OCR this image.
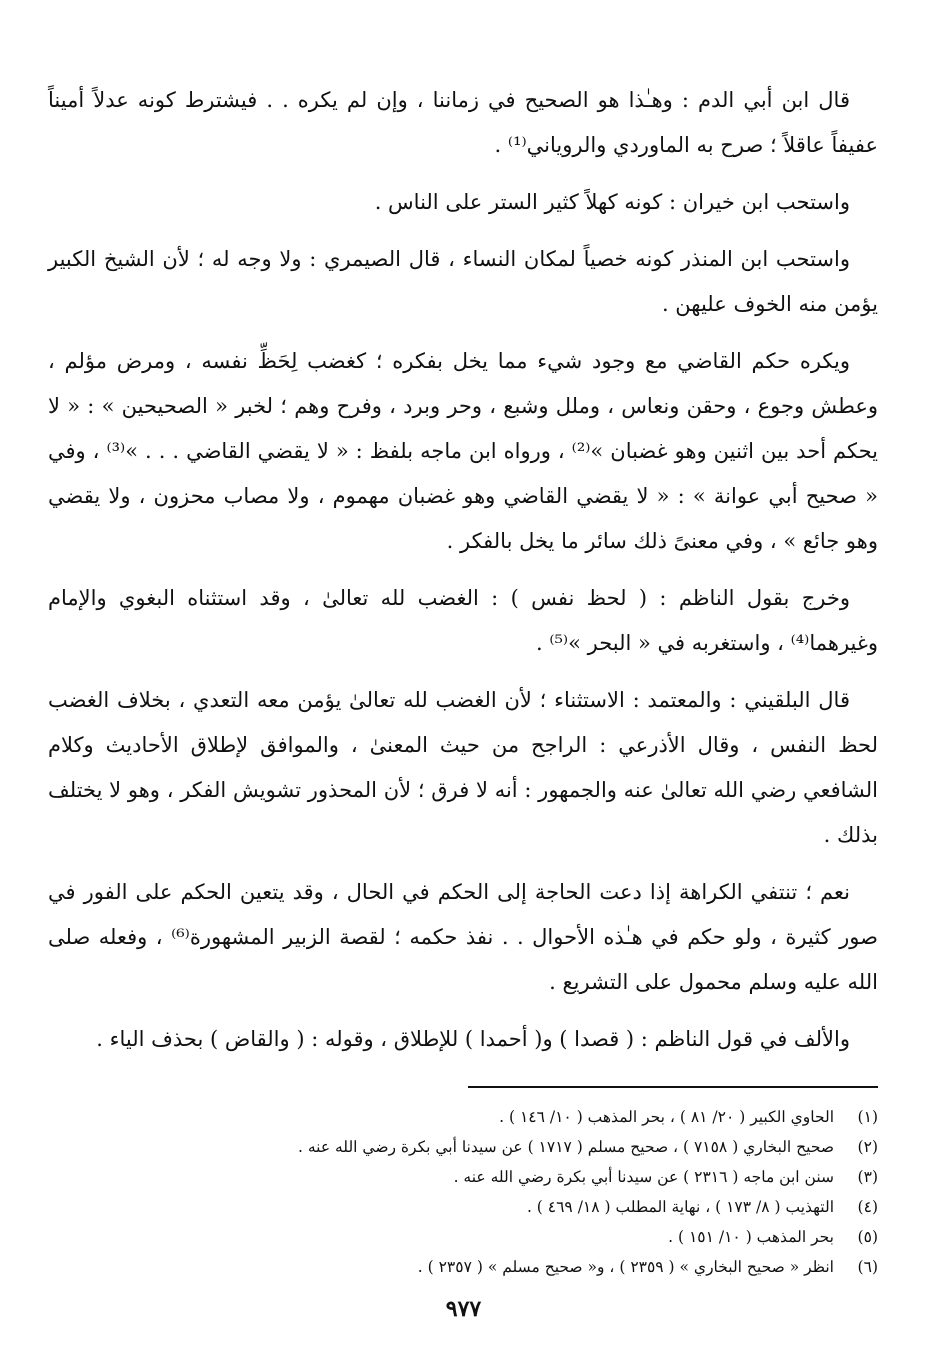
قال ابن أبي الدم : وهـٰذا هو الصحيح في زماننا ، وإن لم يكره . . فيشترط كونه عدلاً أميناً عفيفاً عاقلاً ؛ صرح به الماوردي والروياني⁽¹⁾ .

واستحب ابن خيران : كونه كهلاً كثير الستر على الناس .

واستحب ابن المنذر كونه خصياً لمكان النساء ، قال الصيمري : ولا وجه له ؛ لأن الشيخ الكبير يؤمن منه الخوف عليهن .

ويكره حكم القاضي مع وجود شيء مما يخل بفكره ؛ كغضب لِحَظِّ نفسه ، ومرض مؤلم ، وعطش وجوع ، وحقن ونعاس ، وملل وشبع ، وحر وبرد ، وفرح وهم ؛ لخبر « الصحيحين » : « لا يحكم أحد بين اثنين وهو غضبان »⁽²⁾ ، ورواه ابن ماجه بلفظ : « لا يقضي القاضي . . . »⁽³⁾ ، وفي « صحيح أبي عوانة » : « لا يقضي القاضي وهو غضبان مهموم ، ولا مصاب محزون ، ولا يقضي وهو جائع » ، وفي معنىً ذلك سائر ما يخل بالفكر .

وخرج بقول الناظم : ( لحظ نفس ) : الغضب لله تعالىٰ ، وقد استثناه البغوي والإمام وغيرهما⁽⁴⁾ ، واستغربه في « البحر »⁽⁵⁾ .

قال البلقيني : والمعتمد : الاستثناء ؛ لأن الغضب لله تعالىٰ يؤمن معه التعدي ، بخلاف الغضب لحظ النفس ، وقال الأذرعي : الراجح من حيث المعنىٰ ، والموافق لإطلاق الأحاديث وكلام الشافعي رضي الله تعالىٰ عنه والجمهور : أنه لا فرق ؛ لأن المحذور تشويش الفكر ، وهو لا يختلف بذلك .

نعم ؛ تنتفي الكراهة إذا دعت الحاجة إلى الحكم في الحال ، وقد يتعين الحكم على الفور في صور كثيرة ، ولو حكم في هـٰذه الأحوال . . نفذ حكمه ؛ لقصة الزبير المشهورة⁽⁶⁾ ، وفعله صلى الله عليه وسلم محمول على التشريع .

والألف في قول الناظم : ( قصدا ) و( أحمدا ) للإطلاق ، وقوله : ( والقاض ) بحذف الياء .

(١)
الحاوي الكبير ( ٢٠/ ٨١ ) ، بحر المذهب ( ١٠/ ١٤٦ ) .
(٢)
صحيح البخاري ( ٧١٥٨ ) ، صحيح مسلم ( ١٧١٧ ) عن سيدنا أبي بكرة رضي الله عنه .
(٣)
سنن ابن ماجه ( ٢٣١٦ ) عن سيدنا أبي بكرة رضي الله عنه .
(٤)
التهذيب ( ٨/ ١٧٣ ) ، نهاية المطلب ( ١٨/ ٤٦٩ ) .
(٥)
بحر المذهب ( ١٠/ ١٥١ ) .
(٦)
انظر « صحيح البخاري » ( ٢٣٥٩ ) ، و« صحيح مسلم » ( ٢٣٥٧ ) .
٩٧٧
